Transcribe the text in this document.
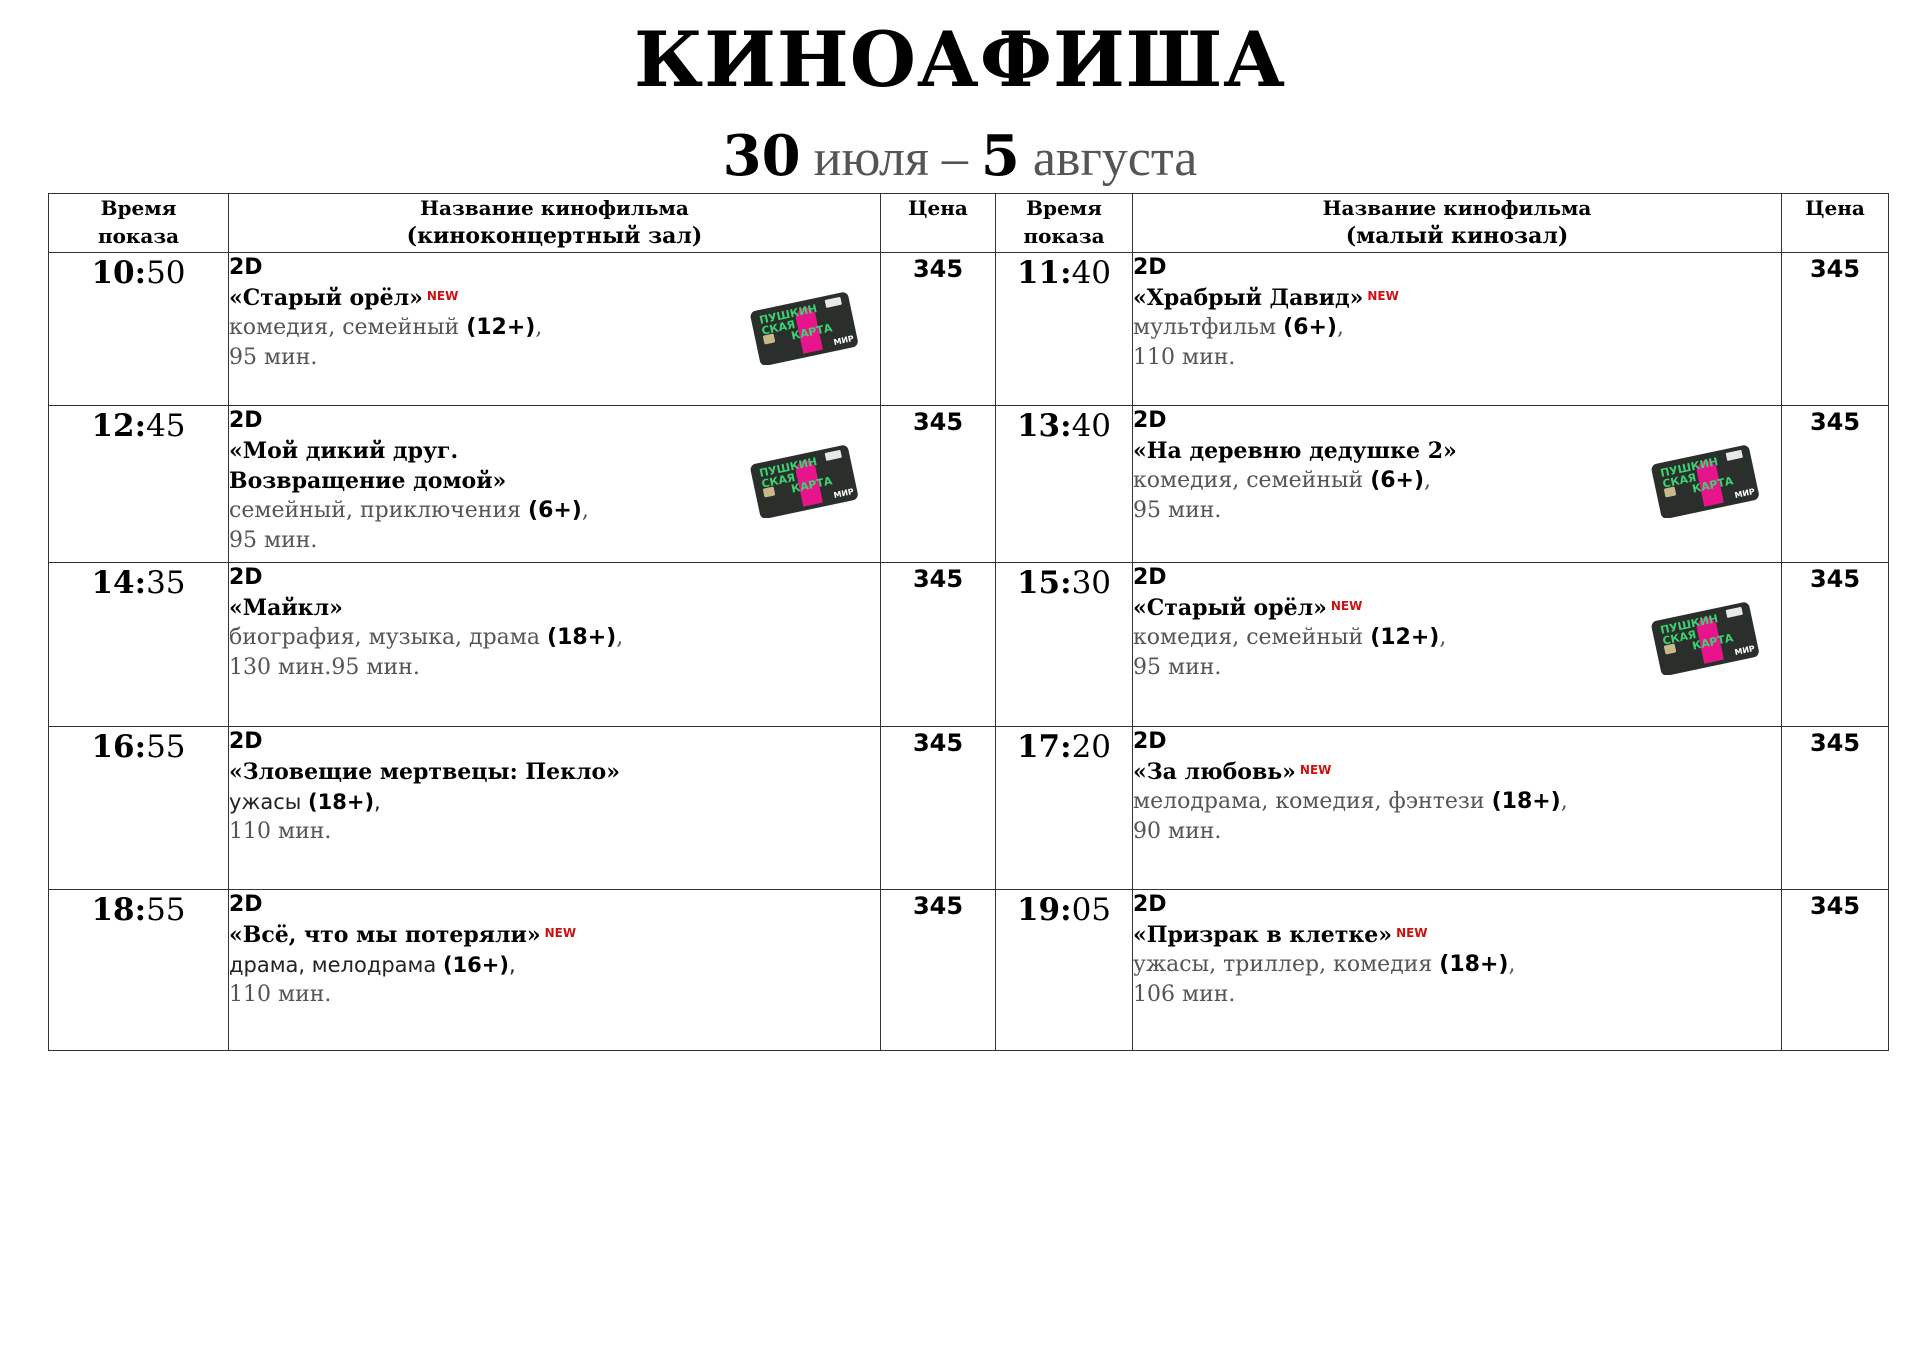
КИНОАФИША
30 июля – 5 августа
Время
показа	Название кинофильма
(киноконцертный зал)	Цена	Время
показа	Название кинофильма
(малый кинозал)	Цена

10:50	2D
«Старый орёл» $^{NEW}$
комедия, семейный (12+),
95 мин.	345	11:40	2D
«Храбрый Давид» $^{NEW}$
мультфильм (6+),
110 мин.	345
12:45	2D
«Мой дикий друг.
Возвращение домой»
семейный, приключения (6+),
95 мин.	345	13:40	2D
«На деревню дедушке 2»
комедия, семейный (6+),
95 мин.	345
14:35	2D
«Майкл»
биография, музыка, драма (18+),
130 мин.95 мин.	345	15:30	2D
«Старый орёл» $^{NEW}$
комедия, семейный (12+),
95 мин.	345
16:55	2D
«Зловещие мертвецы: Пекло»
ужасы (18+),
110 мин.	345	17:20	2D
«За любовь» $^{NEW}$
мелодрама, комедия, фэнтези (18+),
90 мин.	345
18:55	2D
«Всё, что мы потеряли» $^{NEW}$
драма, мелодрама (16+),
110 мин.	345	19:05	2D
«Призрак в клетке» $^{NEW}$
ужасы, триллер, комедия (18+),
106 мин.	345
